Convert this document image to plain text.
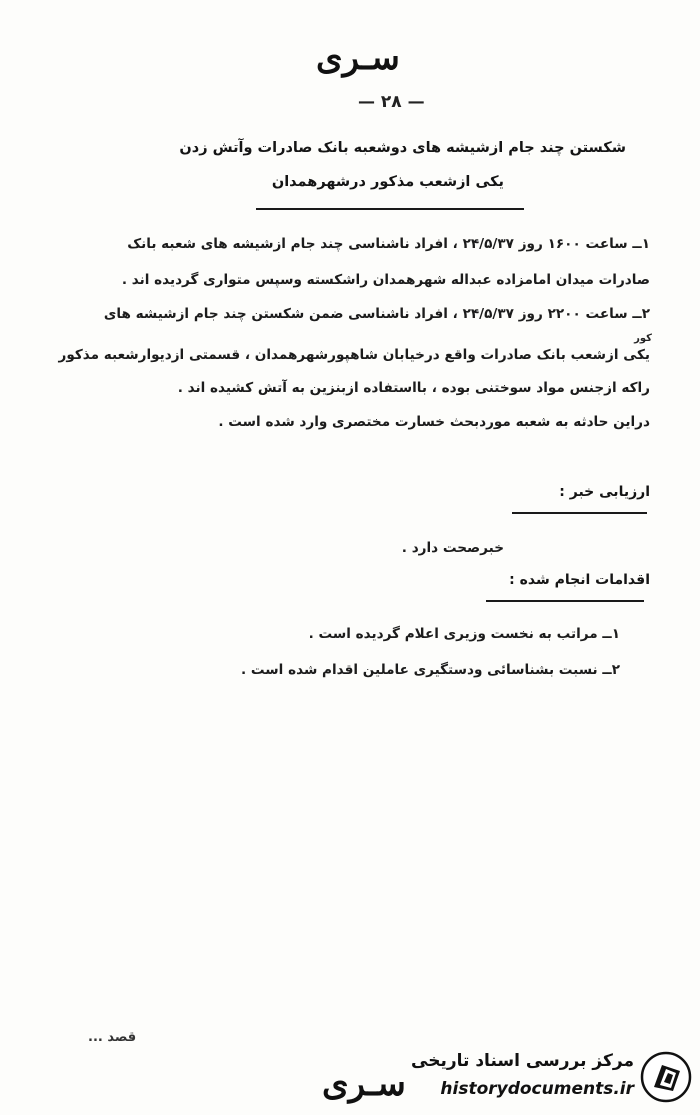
سـری
— ۲۸ —
شکستن چند جام ازشیشه های دوشعبه بانک صادرات وآتش زدن
یکی ازشعب مذکور درشهرهمدان
۱ــ ساعت ۱۶۰۰ روز ۲۴/۵/۳۷ ، افراد ناشناسی چند جام ازشیشه های شعبه بانک
صادرات میدان امامزاده عبداله شهرهمدان راشکسته وسپس متواری گردیده اند .
۲ــ ساعت ۲۲۰۰ روز ۲۴/۵/۳۷ ، افراد ناشناسی ضمن شکستن چند جام ازشیشه های
کور
یکی ازشعب بانک صادرات واقع درخیابان شاهپورشهرهمدان ، قسمتی ازدیوارشعبه مذکور
راکه ازجنس مواد سوختنی بوده ، بااستفاده ازبنزین به آتش کشیده اند .
دراین حادثه به شعبه موردبحث خسارت مختصری وارد شده است .
ارزیابی خبر :
خبرصحت دارد .
اقدامات انجام شده :
۱ــ مراتب به نخست وزیری اعلام گردیده است .
۲ــ نسبت بشناسائی ودستگیری عاملین اقدام شده است .
قصد ...
سـری
مرکز بررسی اسناد تاریخی
historydocuments.ir
